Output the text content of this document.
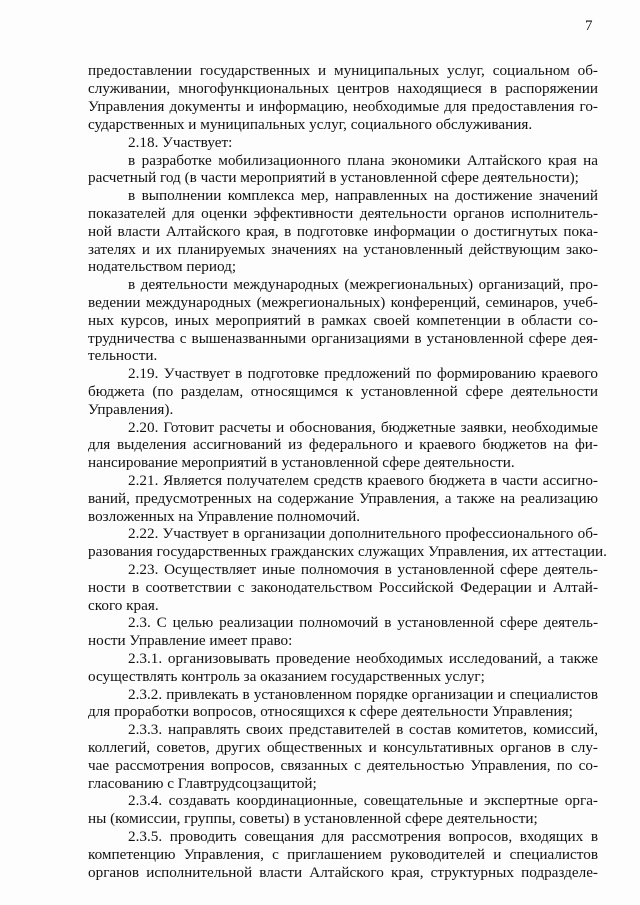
7
предоставлении государственных и муниципальных услуг, социальном об-
служивании, многофункциональных центров находящиеся в распоряжении
Управления документы и информацию, необходимые для предоставления го-
сударственных и муниципальных услуг, социального обслуживания.
2.18. Участвует:
в разработке мобилизационного плана экономики Алтайского края на
расчетный год (в части мероприятий в установленной сфере деятельности);
в выполнении комплекса мер, направленных на достижение значений
показателей для оценки эффективности деятельности органов исполнитель-
ной власти Алтайского края, в подготовке информации о достигнутых пока-
зателях и их планируемых значениях на установленный действующим зако-
нодательством период;
в деятельности международных (межрегиональных) организаций, про-
ведении международных (межрегиональных) конференций, семинаров, учеб-
ных курсов, иных мероприятий в рамках своей компетенции в области со-
трудничества с вышеназванными организациями в установленной сфере дея-
тельности.
2.19. Участвует в подготовке предложений по формированию краевого
бюджета (по разделам, относящимся к установленной сфере деятельности
Управления).
2.20. Готовит расчеты и обоснования, бюджетные заявки, необходимые
для выделения ассигнований из федерального и краевого бюджетов на фи-
нансирование мероприятий в установленной сфере деятельности.
2.21. Является получателем средств краевого бюджета в части ассигно-
ваний, предусмотренных на содержание Управления, а также на реализацию
возложенных на Управление полномочий.
2.22. Участвует в организации дополнительного профессионального об-
разования государственных гражданских служащих Управления, их аттестации.
2.23. Осуществляет иные полномочия в установленной сфере деятель-
ности в соответствии с законодательством Российской Федерации и Алтай-
ского края.
2.3. С целью реализации полномочий в установленной сфере деятель-
ности Управление имеет право:
2.3.1. организовывать проведение необходимых исследований, а также
осуществлять контроль за оказанием государственных услуг;
2.3.2. привлекать в установленном порядке организации и специалистов
для проработки вопросов, относящихся к сфере деятельности Управления;
2.3.3. направлять своих представителей в состав комитетов, комиссий,
коллегий, советов, других общественных и консультативных органов в слу-
чае рассмотрения вопросов, связанных с деятельностью Управления, по со-
гласованию с Главтрудсоцзащитой;
2.3.4. создавать координационные, совещательные и экспертные орга-
ны (комиссии, группы, советы) в установленной сфере деятельности;
2.3.5. проводить совещания для рассмотрения вопросов, входящих в
компетенцию Управления, с приглашением руководителей и специалистов
органов исполнительной власти Алтайского края, структурных подразделе-
